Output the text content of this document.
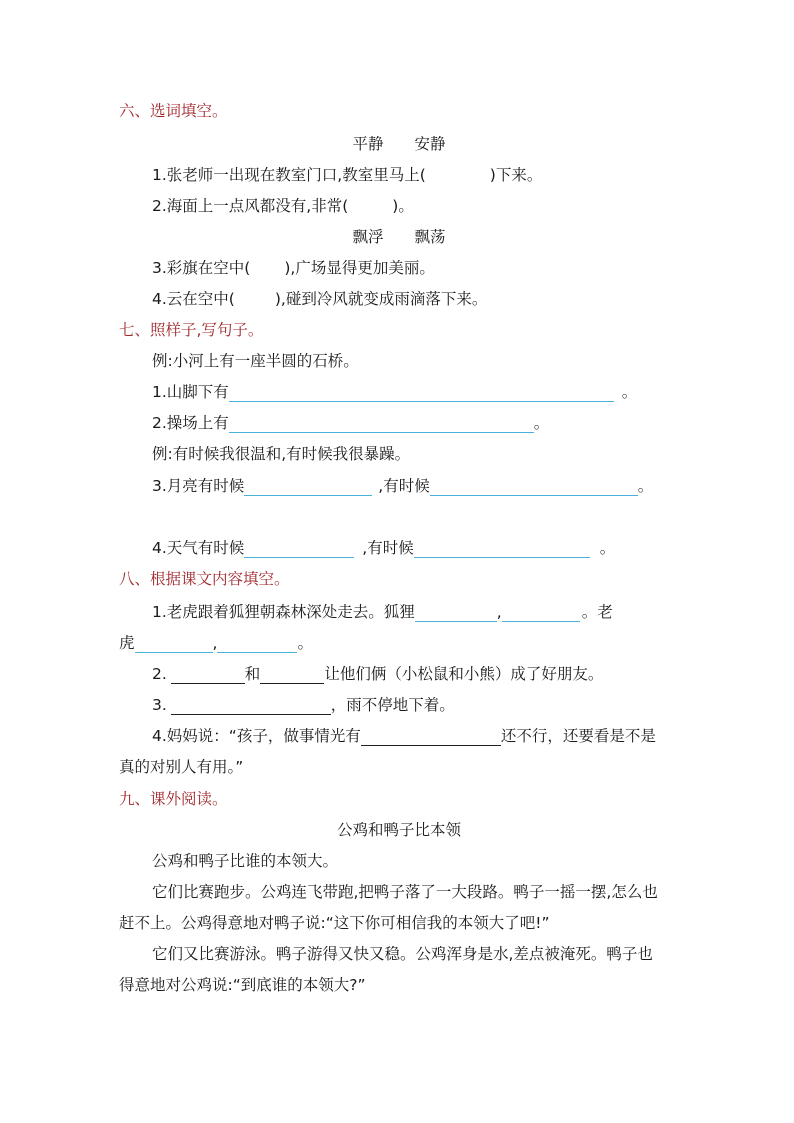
六、选词填空。
平静　　安静
1.张老师一出现在教室门口,教室里马上(	)下来。
2.海面上一点风都没有,非常(	)。
飘浮　　飘荡
3.彩旗在空中( ),广场显得更加美丽。
4.云在空中(	),碰到冷风就变成雨滴落下来。
七、照样子,写句子。
例:小河上有一座半圆的石桥。
1.山脚下有	。
2.操场上有	。
例:有时候我很温和,有时候我很暴躁。
3.月亮有时候	,有时候	。
4.天气有时候	,有时候	。
八、根据课文内容填空。
1.老虎跟着狐狸朝森林深处走去。狐狸	,	。老
虎	,	。
2.	和	让他们俩（小松鼠和小熊）成了好朋友。
3.	，雨不停地下着。
4.妈妈说：“孩子，做事情光有	还不行，还要看是不是
真的对别人有用。”
九、课外阅读。
公鸡和鸭子比本领
公鸡和鸭子比谁的本领大。
它们比赛跑步。公鸡连飞带跑,把鸭子落了一大段路。鸭子一摇一摆,怎么也
赶不上。公鸡得意地对鸭子说:“这下你可相信我的本领大了吧!”
它们又比赛游泳。鸭子游得又快又稳。公鸡浑身是水,差点被淹死。鸭子也
得意地对公鸡说:“到底谁的本领大?”
